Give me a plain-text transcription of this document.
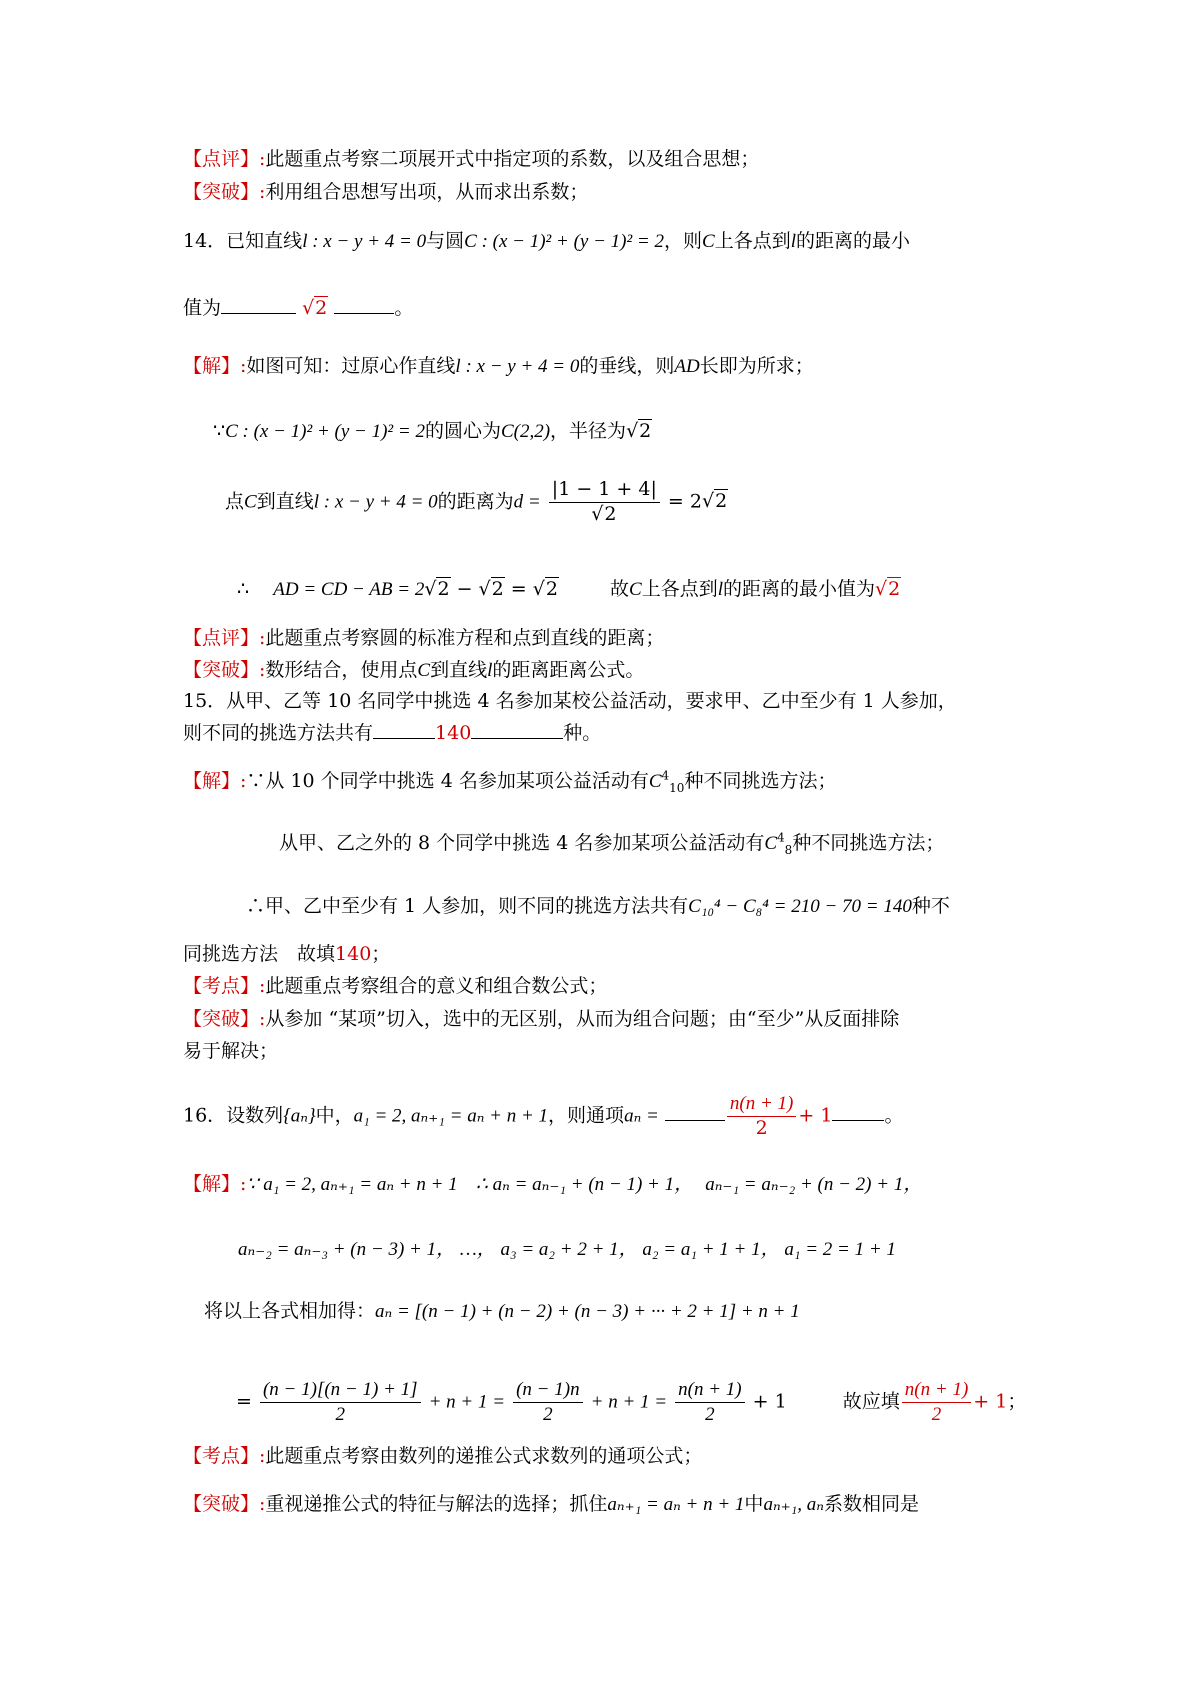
【点评】:此题重点考察二项展开式中指定项的系数，以及组合思想；
【突破】:利用组合思想写出项，从而求出系数；
14．已知直线l : x − y + 4 = 0与圆C : (x − 1)² + (y − 1)² = 2，则C上各点到l的距离的最小
值为	√2	。
【解】:如图可知：过原心作直线l : x − y + 4 = 0的垂线，则AD长即为所求；
∵C : (x − 1)² + (y − 1)² = 2的圆心为C(2,2)，半径为√2
点C到直线l : x − y + 4 = 0的距离为$d = \frac{|1 - 1 + 4|}{√2} = 2√2$
∴ AD = CD − AB = 2√2 − √2 = √2	故C上各点到l的距离的最小值为√2
【点评】:此题重点考察圆的标准方程和点到直线的距离；
【突破】:数形结合，使用点C到直线l的距离距离公式。
15．从甲、乙等 10 名同学中挑选 4 名参加某校公益活动，要求甲、乙中至少有 1 人参加，
则不同的挑选方法共有	140	种。
【解】:∵从 10 个同学中挑选 4 名参加某项公益活动有$C^4_{10}$种不同挑选方法；
从甲、乙之外的 8 个同学中挑选 4 名参加某项公益活动有$C^4_8$种不同挑选方法；
∴甲、乙中至少有 1 人参加，则不同的挑选方法共有C₁₀⁴ − C₈⁴ = 210 − 70 = 140种不
同挑选方法　故填140；
【考点】:此题重点考察组合的意义和组合数公式；
【突破】:从参加 “某项”切入，选中的无区别，从而为组合问题；由“至少”从反面排除
易于解决；
16．设数列{aₙ}中，a₁ = 2, aₙ₊₁ = aₙ + n + 1，则通项aₙ =	$\frac{n(n + 1)}{2} + 1$	。
【解】:∵ a₁ = 2, aₙ₊₁ = aₙ + n + 1 ∴ aₙ = aₙ₋₁ + (n − 1) + 1， aₙ₋₁ = aₙ₋₂ + (n − 2) + 1，
aₙ₋₂ = aₙ₋₃ + (n − 3) + 1， …， a₃ = a₂ + 2 + 1， a₂ = a₁ + 1 + 1， a₁ = 2 = 1 + 1
将以上各式相加得：aₙ = [(n − 1) + (n − 2) + (n − 3) + ··· + 2 + 1] + n + 1
= $\frac{(n - 1)[(n - 1) + 1]}{2} + n + 1 = \frac{(n - 1)n}{2} + n + 1 = \frac{n(n + 1)}{2} + 1$	故应填 $\frac{n(n + 1)}{2} + 1$；
【考点】:此题重点考察由数列的递推公式求数列的通项公式；
【突破】:重视递推公式的特征与解法的选择；抓住aₙ₊₁ = aₙ + n + 1中aₙ₊₁, aₙ系数相同是
